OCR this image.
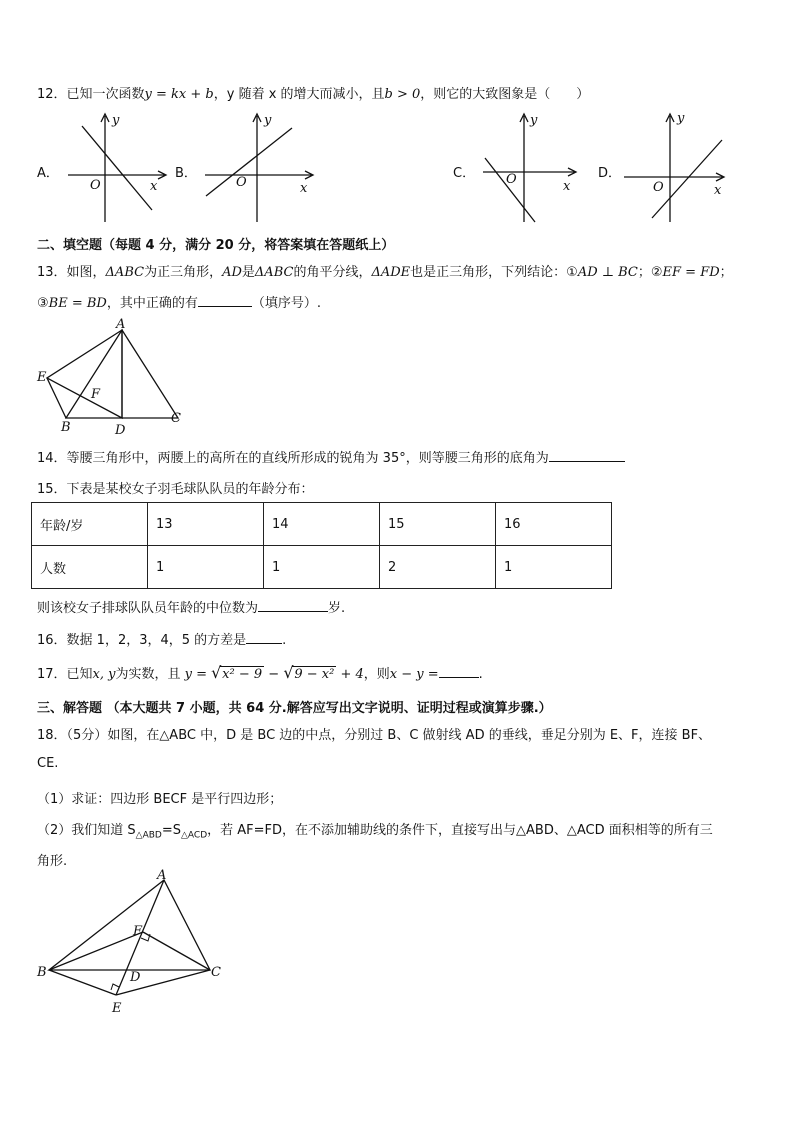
12．已知一次函数y = kx + b，y 随着 x 的增大而减小，且b > 0，则它的大致图象是（　　）
A．
y
x
O
B．
y
x
O
C．
y
x
O	D．
y
x
O
二、填空题（每题 4 分，满分 20 分，将答案填在答题纸上）
13．如图，ΔABC为正三角形，AD是ΔABC的角平分线，ΔADE也是正三角形，下列结论：①AD ⊥ BC；②EF = FD；
③BE = BD，其中正确的有	（填序号）.
A
E
F
B	D
C
14．等腰三角形中，两腰上的高所在的直线所形成的锐角为 35°，则等腰三角形的底角为
15．下表是某校女子羽毛球队队员的年龄分布：
年龄/岁	13	14	15	16
人数	1	1	2	1
则该校女子排球队队员年龄的中位数为	岁.
16．数据 1，2，3，4，5 的方差是	.
17．已知x, y为实数，且 y = √ x² − 9 − √ 9 − x² + 4，则x − y =	.
三、解答题 （本大题共 7 小题，共 64 分.解答应写出文字说明、证明过程或演算步骤.）
18．（5分）如图，在△ABC 中，D 是 BC 边的中点，分别过 B、C 做射线 AD 的垂线，垂足分别为 E、F，连接 BF、
CE.
（1）求证：四边形 BECF 是平行四边形；
（2）我们知道 $S_{\triangle ABD}=S_{\triangle ACD}$，若 AF=FD，在不添加辅助线的条件下，直接写出与△ABD、△ACD 面积相等的所有三
角形.
A
F
B	D	C
E
